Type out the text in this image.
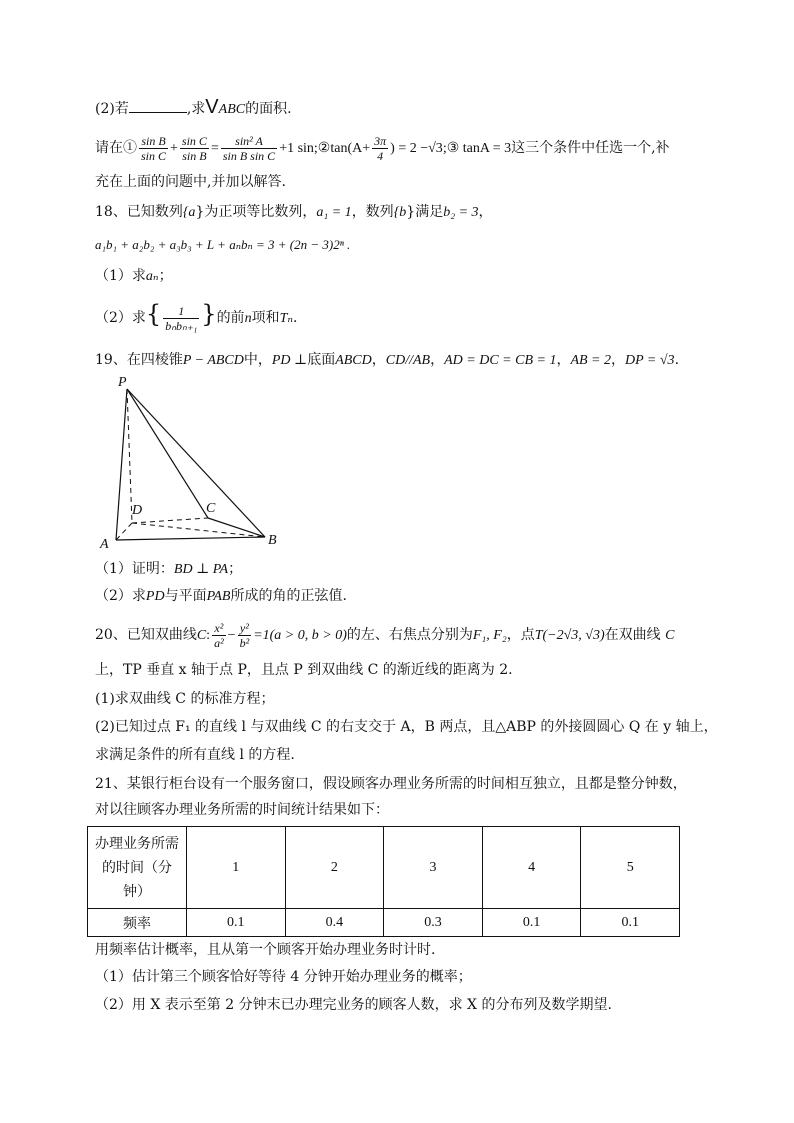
(2)若	,求VABC的面积.
请在① $\frac{\text{sin B}}{\text{sin C}} + \frac{\text{sin C}}{\text{sin B}} = \frac{\text{sin² A}}{\text{sin B sin C}} +1$ sin;②tan(A+ $\frac{3\pi}{4}$ ) = 2 −√3;③ tanA = 3这三个条件中任选一个,补
充在上面的问题中,并加以解答.
18、已知数列{a}为正项等比数列，a₁ = 1，数列{b}满足b₂ = 3，
a₁b₁ + a₂b₂ + a₃b₃ + L + aₙbₙ = 3 + (2n − 3)2ⁿ .
（1）求aₙ；
（2）求{ $\frac{1}{\text{bₙbₙ₊₁}}$ }的前n项和Tₙ.
19、在四棱锥P − ABCD中，PD ⊥底面ABCD，CD//AB，AD = DC = CB = 1，AB = 2，DP = √3.
P
D	C
A	B
（1）证明：BD ⊥ PA；
（2）求PD与平面PAB所成的角的正弦值.
20、已知双曲线C: $\frac{\text{x²}}{\text{a²}} - \frac{\text{y²}}{\text{b²}} =1(a > 0$, b > 0)的左、右焦点分别为F₁, F₂，点T(−2√3, √3)在双曲线 C
上，TP 垂直 x 轴于点 P，且点 P 到双曲线 C 的渐近线的距离为 2.
(1)求双曲线 C 的标准方程；
(2)已知过点 F₁ 的直线 l 与双曲线 C 的右支交于 A，B 两点，且△ABP 的外接圆圆心 Q 在 y 轴上，
求满足条件的所有直线 l 的方程.
21、某银行柜台设有一个服务窗口，假设顾客办理业务所需的时间相互独立，且都是整分钟数，
对以往顾客办理业务所需的时间统计结果如下：
办理业务所需
的时间（分
钟）	1	2	3	4	5
频率	0.1	0.4	0.3	0.1	0.1
用频率估计概率，且从第一个顾客开始办理业务时计时.
（1）估计第三个顾客恰好等待 4 分钟开始办理业务的概率；
（2）用 X 表示至第 2 分钟末已办理完业务的顾客人数，求 X 的分布列及数学期望.
